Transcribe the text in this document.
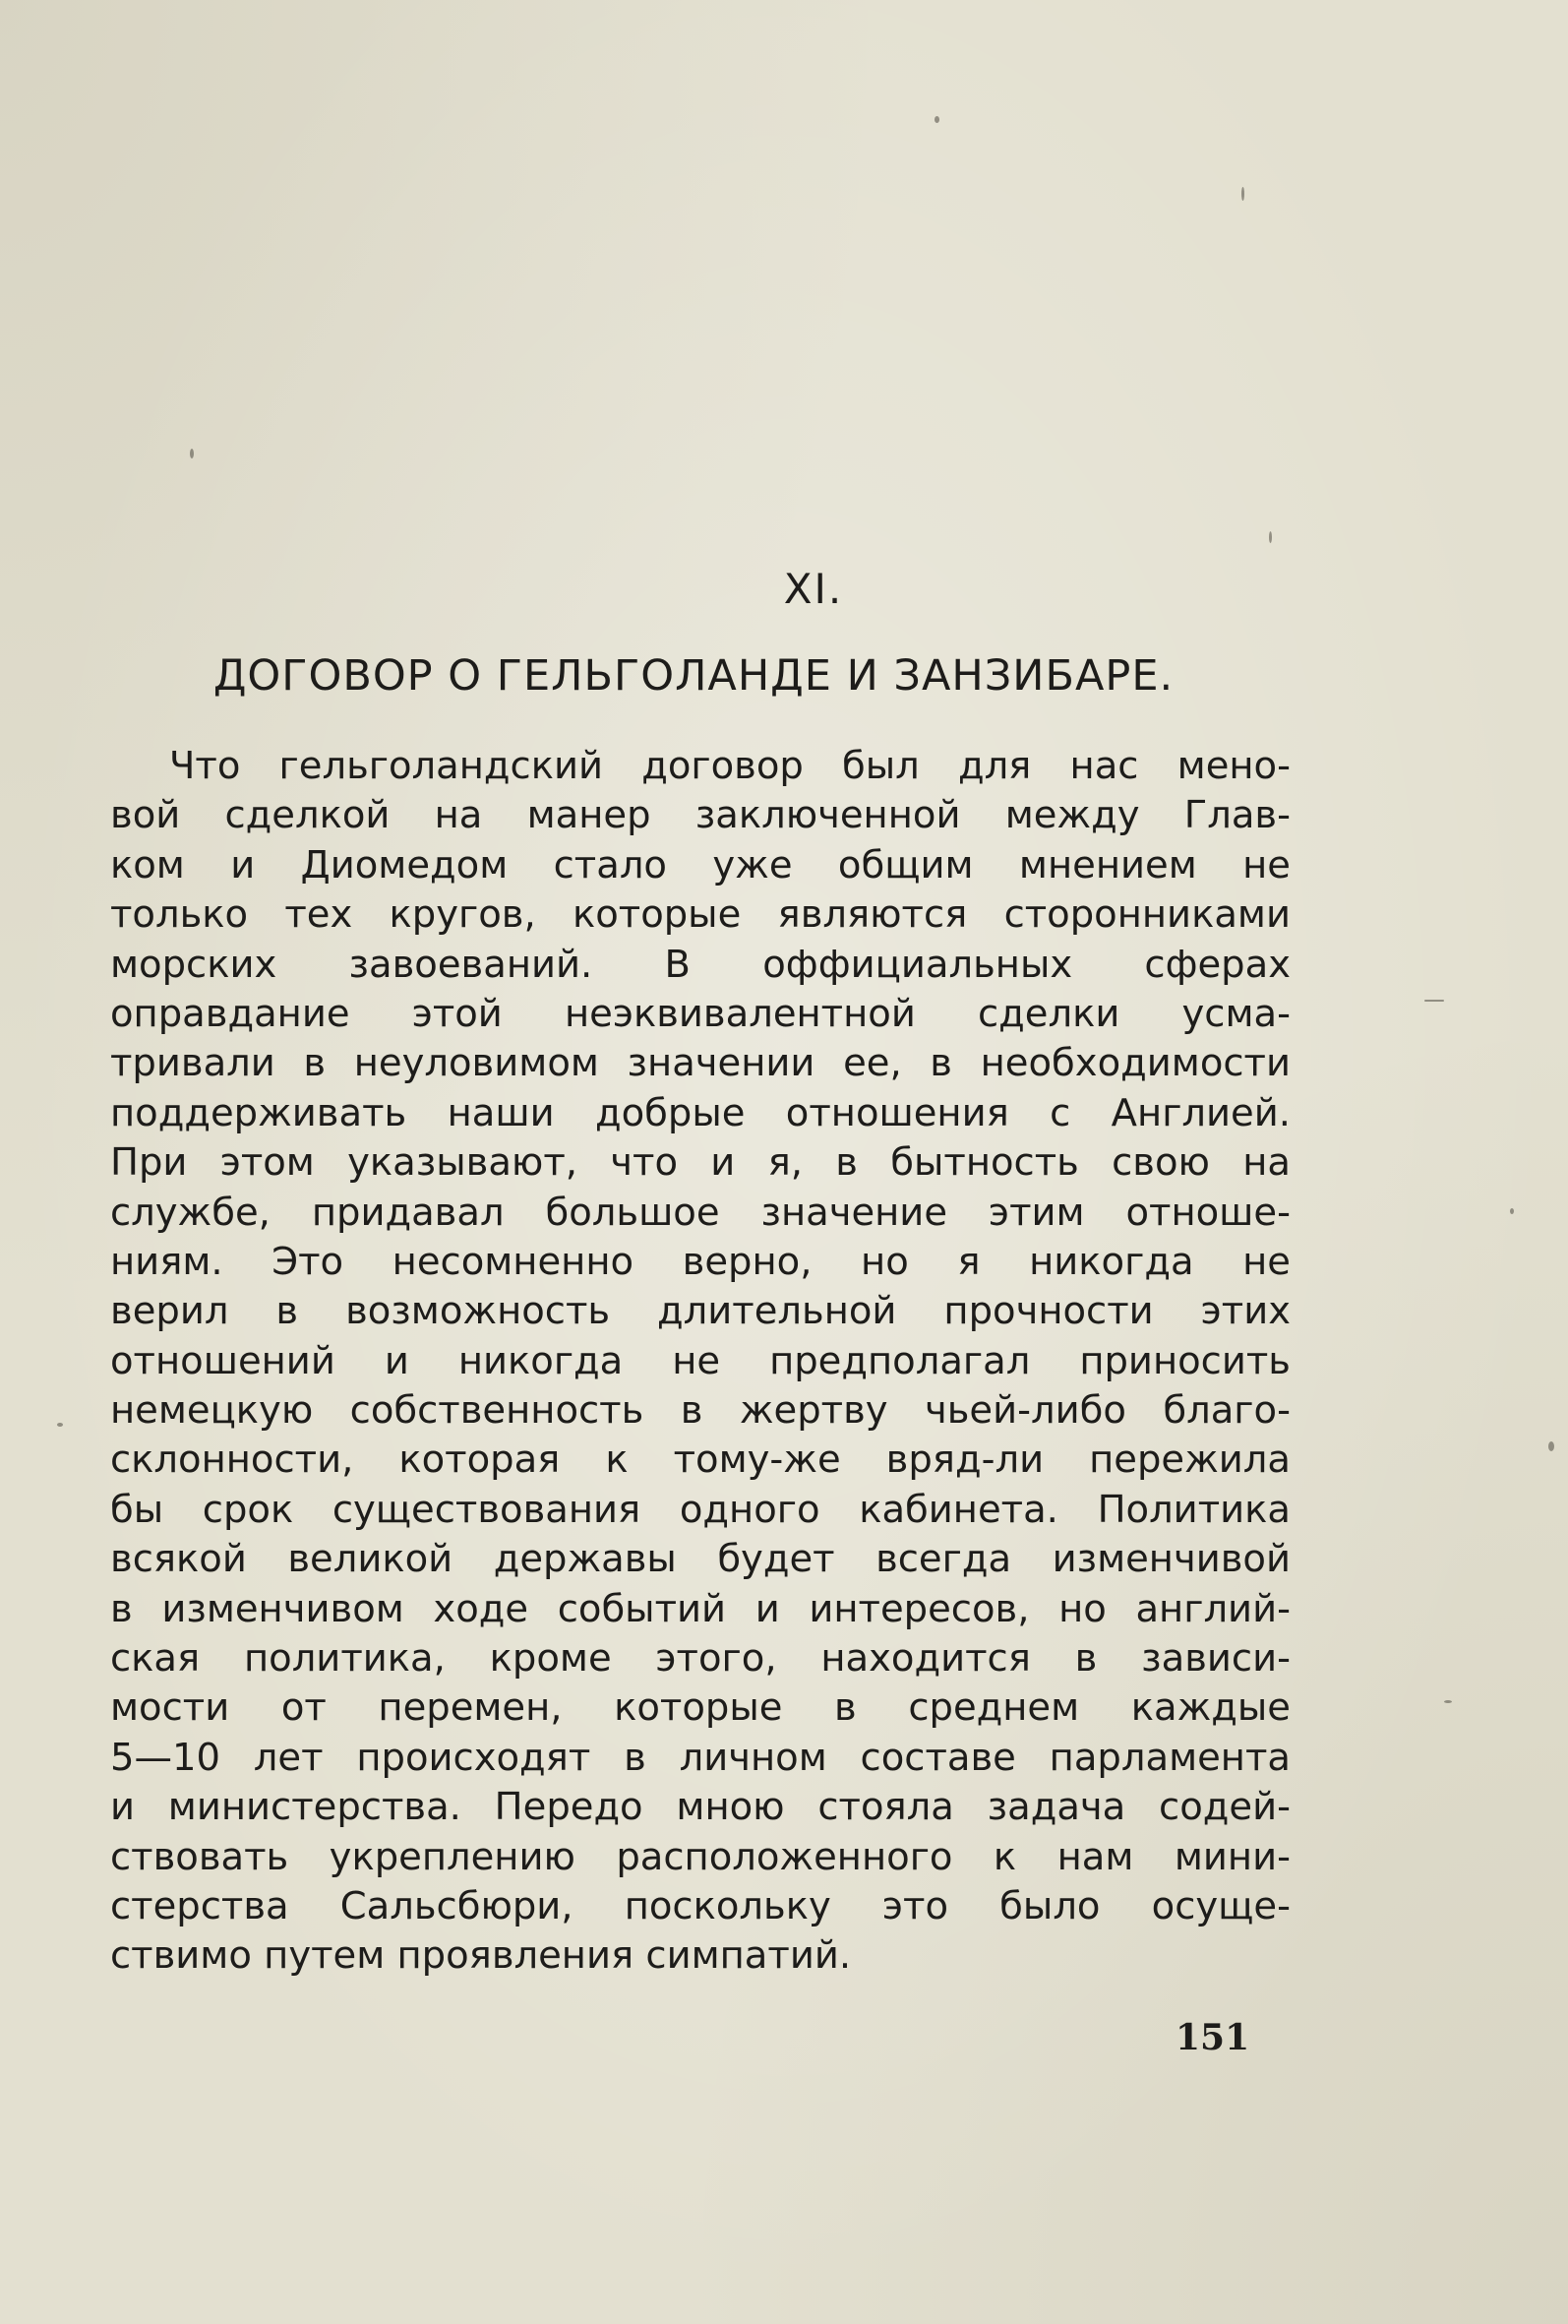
XI.
ДОГОВОР О ГЕЛЬГОЛАНДЕ И ЗАНЗИБАРЕ.
Что гельголандский договор был для нас мено-
вой сделкой на манер заключенной между Глав-
ком и Диомедом стало уже общим мнением не
только тех кругов, которые являются сторонниками
морских завоеваний. В оффициальных сферах
оправдание этой неэквивалентной сделки усма-
тривали в неуловимом значении ее, в необходимости
поддерживать наши добрые отношения с Англией.
При этом указывают, что и я, в бытность свою на
службе, придавал большое значение этим отноше-
ниям. Это несомненно верно, но я никогда не
верил в возможность длительной прочности этих
отношений и никогда не предполагал приносить
немецкую собственность в жертву чьей-либо благо-
склонности, которая к тому-же вряд-ли пережила
бы срок существования одного кабинета. Политика
всякой великой державы будет всегда изменчивой
в изменчивом ходе событий и интересов, но англий-
ская политика, кроме этого, находится в зависи-
мости от перемен, которые в среднем каждые
5—10 лет происходят в личном составе парламента
и министерства. Передо мною стояла задача содей-
ствовать укреплению расположенного к нам мини-
стерства Сальсбюри, поскольку это было осуще-
ствимо путем проявления симпатий.
151
